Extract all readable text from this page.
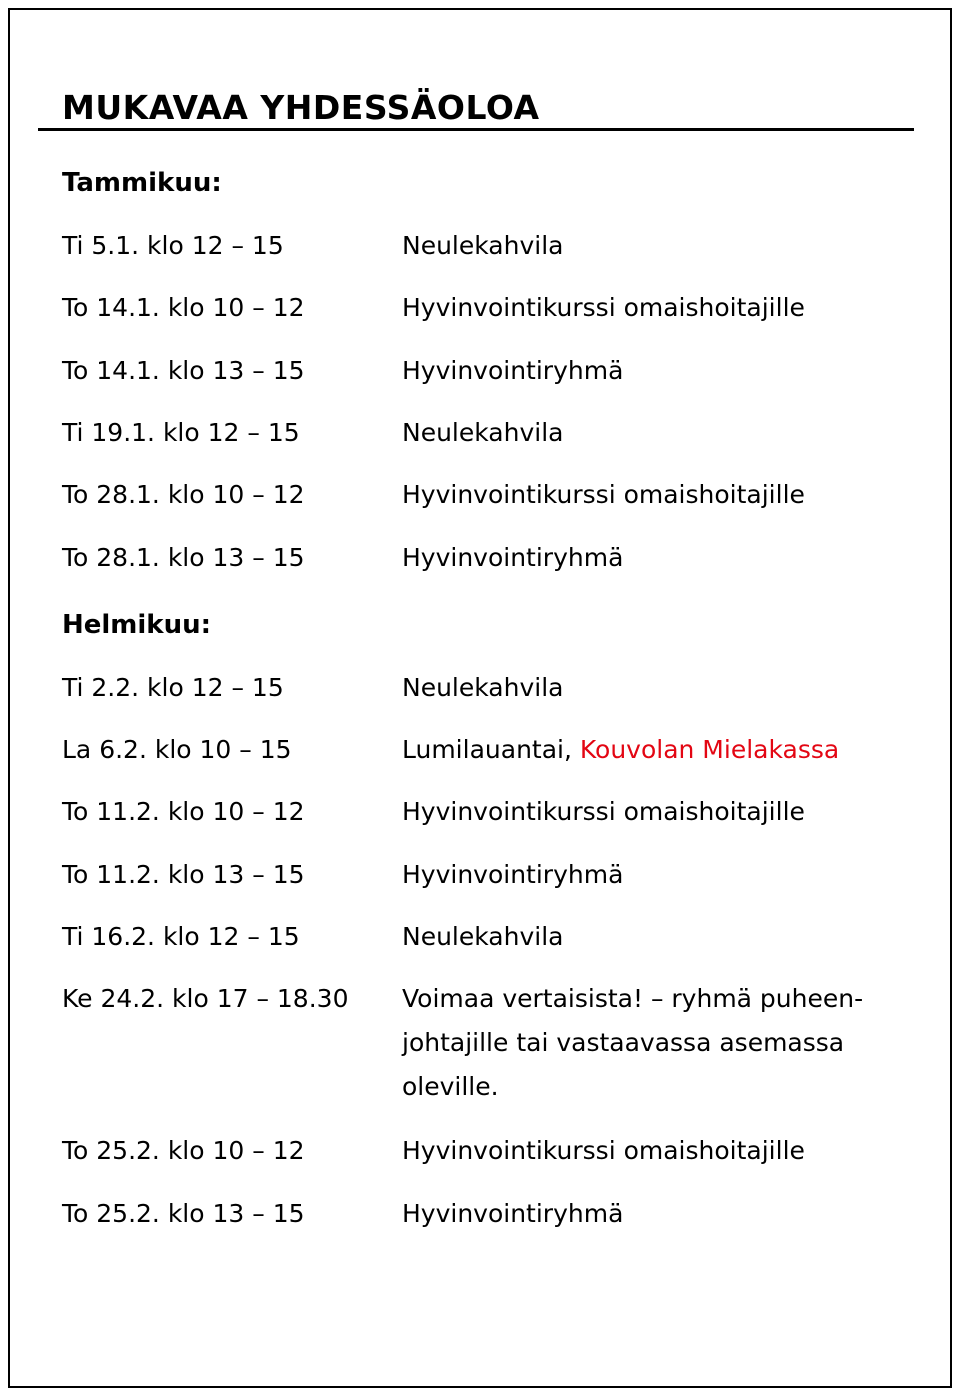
MUKAVAA YHDESSÄOLOA
Tammikuu:
Ti 5.1. klo 12 – 15	Neulekahvila
To 14.1. klo 10 – 12	Hyvinvointikurssi omaishoitajille
To 14.1. klo 13 – 15	Hyvinvointiryhmä
Ti 19.1. klo 12 – 15	Neulekahvila
To 28.1. klo 10 – 12	Hyvinvointikurssi omaishoitajille
To 28.1. klo 13 – 15	Hyvinvointiryhmä
Helmikuu:
Ti 2.2. klo 12 – 15	Neulekahvila
La 6.2. klo 10 – 15	Lumilauantai, Kouvolan Mielakassa
To 11.2. klo 10 – 12	Hyvinvointikurssi omaishoitajille
To 11.2. klo 13 – 15	Hyvinvointiryhmä
Ti 16.2. klo 12 – 15	Neulekahvila
Ke 24.2. klo 17 – 18.30 Voimaa vertaisista! – ryhmä puheen-johtajille tai vastaavassa asemassa oleville.
To 25.2. klo 10 – 12	Hyvinvointikurssi omaishoitajille
To 25.2. klo 13 – 15	Hyvinvointiryhmä
